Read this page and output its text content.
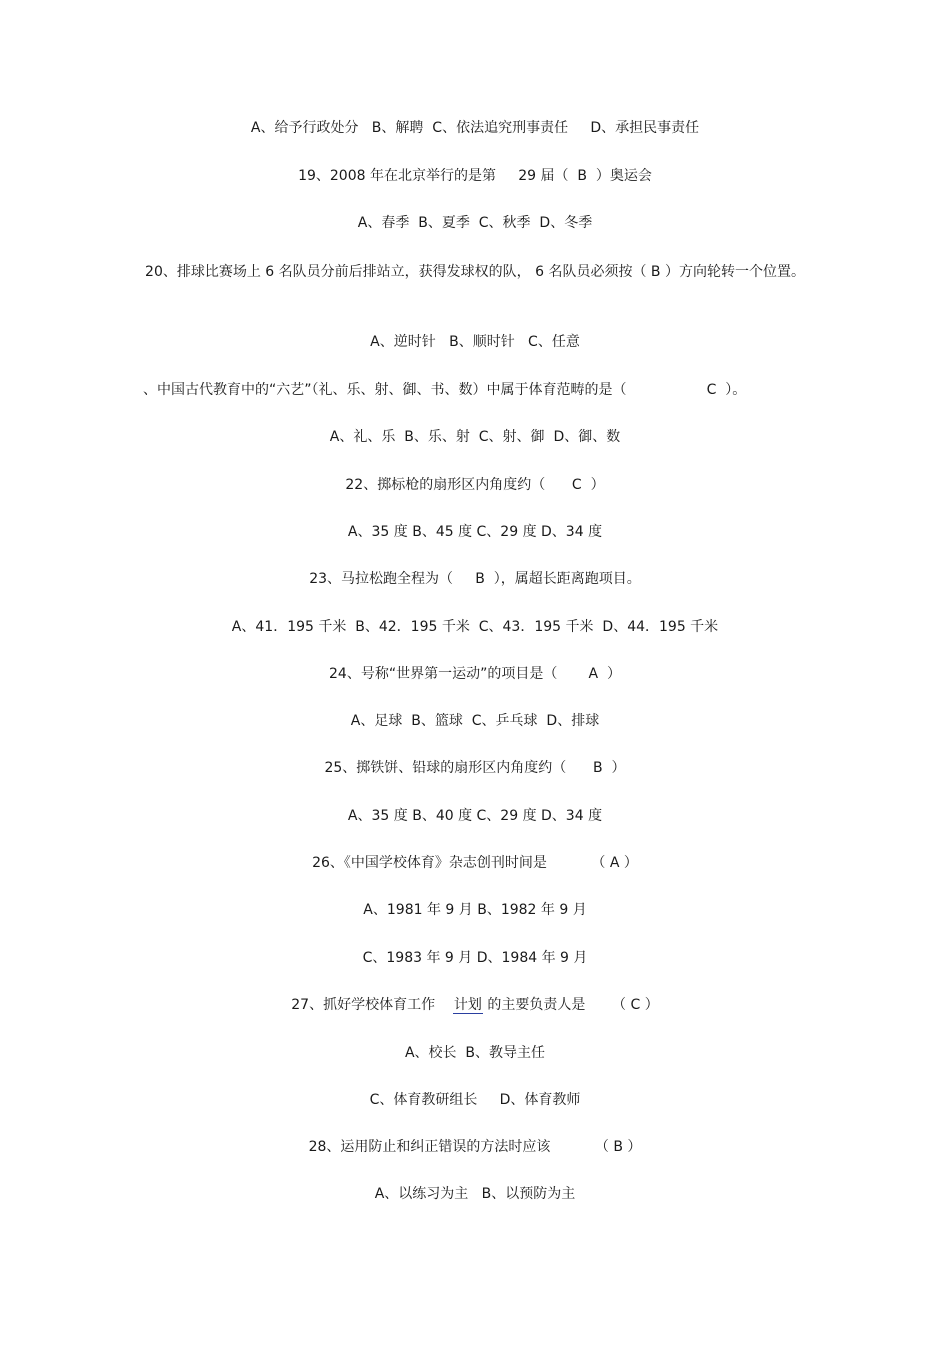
A、给予行政处分   B、解聘  C、依法追究刑事责任     D、承担民事责任
19、2008 年在北京举行的是第     29 届（  B  ）奥运会
A、春季  B、夏季  C、秋季  D、冬季
20、排球比赛场上 6 名队员分前后排站立，获得发球权的队， 6 名队员必须按（ B ）方向轮转一个位置。
A、逆时针   B、顺时针   C、任意
、中国古代教育中的“六艺”（礼、乐、射、御、书、数）中属于体育范畴的是（                  C  ）。
A、礼、乐  B、乐、射  C、射、御  D、御、数
22、掷标枪的扇形区内角度约（      C  ）
A、35 度 B、45 度 C、29 度 D、34 度
23、马拉松跑全程为（     B  ），属超长距离跑项目。
A、41．195 千米  B、42．195 千米  C、43．195 千米  D、44．195 千米
24、号称“世界第一运动”的项目是（       A  ）
A、足球  B、篮球  C、乒乓球  D、排球
25、掷铁饼、铅球的扇形区内角度约（      B  ）
A、35 度 B、40 度 C、29 度 D、34 度
26、《中国学校体育》杂志创刊时间是          （ A ）
A、1981 年 9 月 B、1982 年 9 月
C、1983 年 9 月 D、1984 年 9 月
27、抓好学校体育工作    计划 的主要负责人是      （ C ）
A、校长  B、教导主任
C、体育教研组长     D、体育教师
28、运用防止和纠正错误的方法时应该          （ B ）
A、以练习为主   B、以预防为主
